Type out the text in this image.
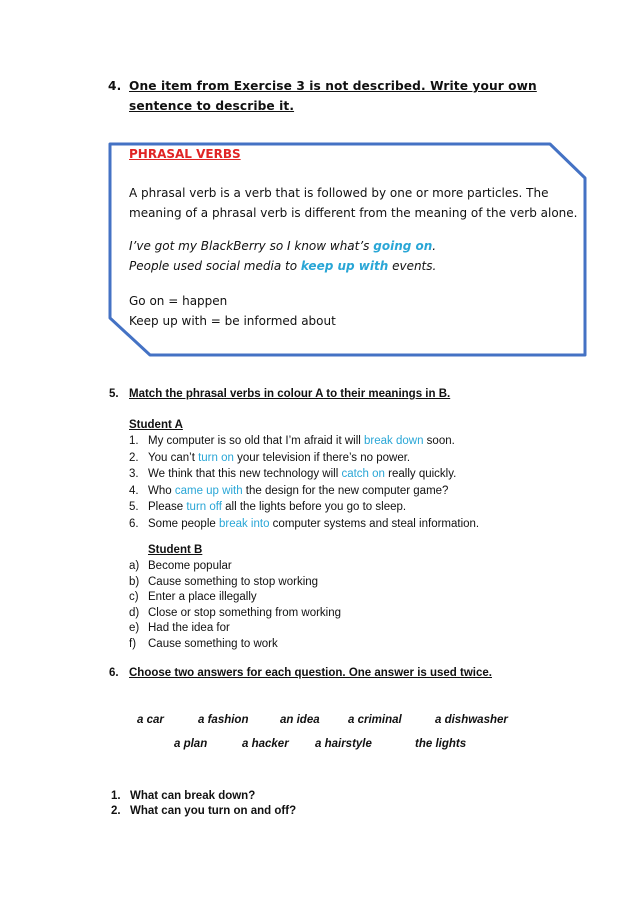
4. One item from Exercise 3 is not described. Write your own sentence to describe it.
PHRASAL VERBS
A phrasal verb is a verb that is followed by one or more particles. The
meaning of a phrasal verb is different from the meaning of the verb alone.
I’ve got my BlackBerry so I know what’s going on.
People used social media to keep up with events.
Go on = happen
Keep up with = be informed about
5. Match the phrasal verbs in colour A to their meanings in B.
Student A
1. My computer is so old that I’m afraid it will break down soon.
2. You can’t turn on your television if there’s no power.
3. We think that this new technology will catch on really quickly.
4. Who came up with the design for the new computer game?
5. Please turn off all the lights before you go to sleep.
6. Some people break into computer systems and steal information.
Student B
a) Become popular
b) Cause something to stop working
c) Enter a place illegally
d) Close or stop something from working
e) Had the idea for
f) Cause something to work
6. Choose two answers for each question. One answer is used twice.
a car	a fashion	an idea a criminal	a dishwasher
a plan	a hacker a hairstyle	the lights
1. What can break down?
2. What can you turn on and off?
